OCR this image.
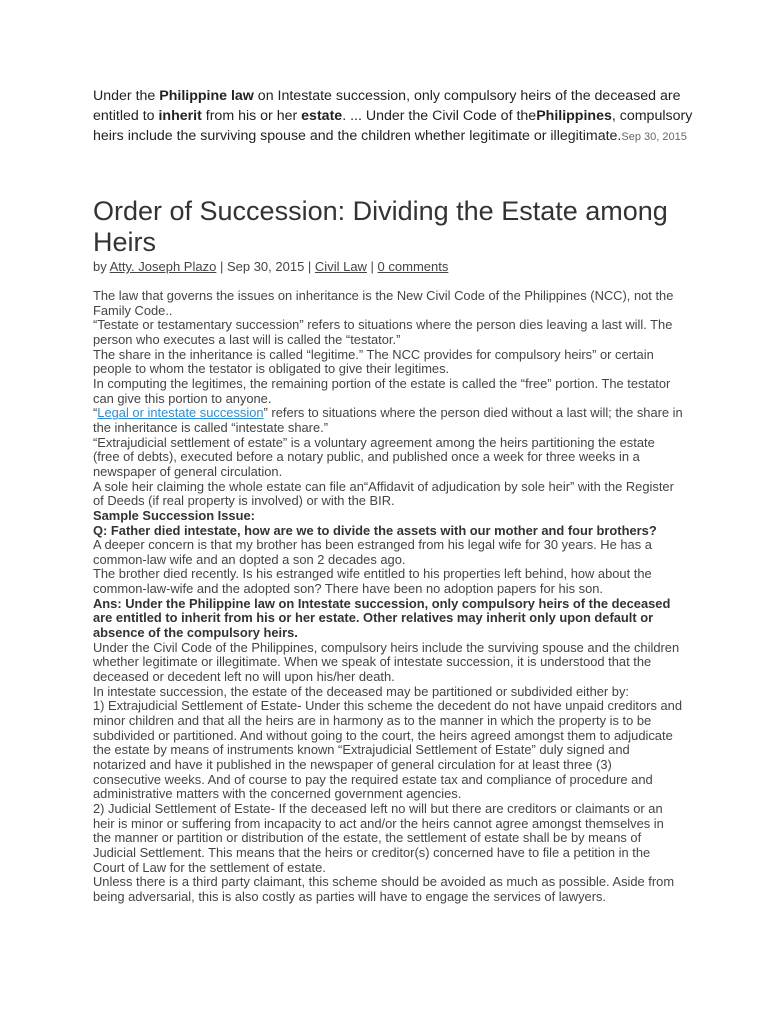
Under the Philippine law on Intestate succession, only compulsory heirs of the deceased are entitled to inherit from his or her estate. ... Under the Civil Code of thePhilippines, compulsory heirs include the surviving spouse and the children whether legitimate or illegitimate.Sep 30, 2015
Order of Succession: Dividing the Estate among Heirs
by Atty. Joseph Plazo | Sep 30, 2015 | Civil Law | 0 comments

The law that governs the issues on inheritance is the New Civil Code of the Philippines (NCC), not the Family Code..

“Testate or testamentary succession” refers to situations where the person dies leaving a last will. The person who executes a last will is called the “testator.”

The share in the inheritance is called “legitime.” The NCC provides for compulsory heirs” or certain people to whom the testator is obligated to give their legitimes.

In computing the legitimes, the remaining portion of the estate is called the “free” portion. The testator can give this portion to anyone.

“Legal or intestate succession” refers to situations where the person died without a last will; the share in the inheritance is called “intestate share.”

“Extrajudicial settlement of estate” is a voluntary agreement among the heirs partitioning the estate (free of debts), executed before a notary public, and published once a week for three weeks in a newspaper of general circulation.

A sole heir claiming the whole estate can file an“Affidavit of adjudication by sole heir” with the Register of Deeds (if real property is involved) or with the BIR.

Sample Succession Issue:

Q: Father died intestate, how are we to divide the assets with our mother and four brothers?

A deeper concern is that my brother has been estranged from his legal wife for 30 years. He has a common-law wife and an dopted a son 2 decades ago.

The brother died recently. Is his estranged wife entitled to his properties left behind, how about the common-law-wife and the adopted son? There have been no adoption papers for his son.

Ans: Under the Philippine law on Intestate succession, only compulsory heirs of the deceased are entitled to inherit from his or her estate. Other relatives may inherit only upon default or absence of the compulsory heirs.

Under the Civil Code of the Philippines, compulsory heirs include the surviving spouse and the children whether legitimate or illegitimate. When we speak of intestate succession, it is understood that the deceased or decedent left no will upon his/her death.

In intestate succession, the estate of the deceased may be partitioned or subdivided either by:

1) Extrajudicial Settlement of Estate- Under this scheme the decedent do not have unpaid creditors and minor children and that all the heirs are in harmony as to the manner in which the property is to be subdivided or partitioned. And without going to the court, the heirs agreed amongst them to adjudicate the estate by means of instruments known “Extrajudicial Settlement of Estate” duly signed and notarized and have it published in the newspaper of general circulation for at least three (3) consecutive weeks. And of course to pay the required estate tax and compliance of procedure and administrative matters with the concerned government agencies.

2) Judicial Settlement of Estate- If the deceased left no will but there are creditors or claimants or an heir is minor or suffering from incapacity to act and/or the heirs cannot agree amongst themselves in the manner or partition or distribution of the estate, the settlement of estate shall be by means of Judicial Settlement. This means that the heirs or creditor(s) concerned have to file a petition in the Court of Law for the settlement of estate.

Unless there is a third party claimant, this scheme should be avoided as much as possible. Aside from being adversarial, this is also costly as parties will have to engage the services of lawyers.
